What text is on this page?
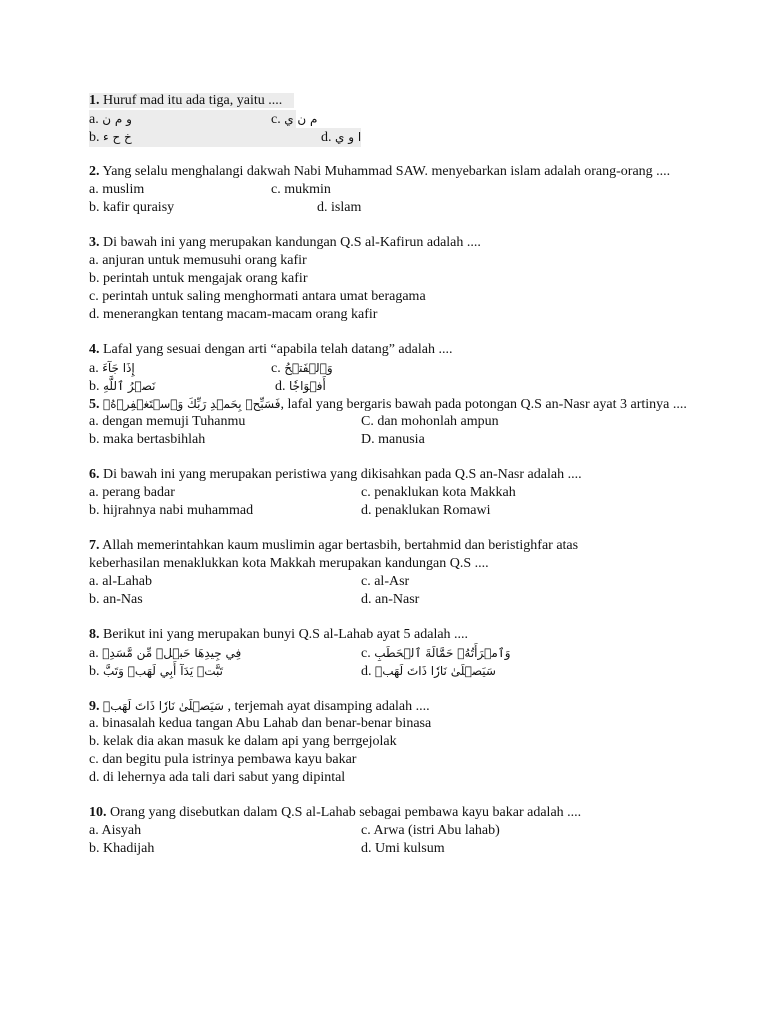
1. Huruf mad itu ada tiga, yaitu ....
a. و م ن	c. م ن ي
b. خ ح ء	d. ا و ي
2. Yang selalu menghalangi dakwah Nabi Muhammad SAW. menyebarkan islam adalah orang-orang ....
a. muslim	c. mukmin
b. kafir quraisy	d. islam
3. Di bawah ini yang merupakan kandungan Q.S al-Kafirun adalah ....
a. anjuran untuk memusuhi orang kafir
b. perintah untuk mengajak orang kafir
c. perintah untuk saling menghormati antara umat beragama
d. menerangkan tentang macam-macam orang kafir
4. Lafal yang sesuai dengan arti “apabila telah datang” adalah ....
a. إِذَا جَآءَ	c. وَٱلۡفَتۡحُ
b. نَصۡرُ ٱللَّهِ	d. أَفۡوَاجٗا
5. فَسَبِّحۡ بِحَمۡدِ رَبِّكَ وَٱسۡتَغۡفِرۡهُۚ, lafal yang bergaris bawah pada potongan Q.S an-Nasr ayat 3 artinya ....
a. dengan memuji Tuhanmu	C. dan mohonlah ampun
b. maka bertasbihlah	D. manusia
6. Di bawah ini yang merupakan peristiwa yang dikisahkan pada Q.S an-Nasr adalah ....
a. perang badar	c. penaklukan kota Makkah
b. hijrahnya nabi muhammad	d. penaklukan Romawi
7. Allah memerintahkan kaum muslimin agar bertasbih, bertahmid dan beristighfar atas keberhasilan menaklukkan kota Makkah merupakan kandungan Q.S ....
a. al-Lahab	c. al-Asr
b. an-Nas	d. an-Nasr
8. Berikut ini yang merupakan bunyi Q.S al-Lahab ayat 5 adalah ....
a. فِي جِيدِهَا حَبۡلٞ مِّن مَّسَدِۭ	c. وَٱمۡرَأَتُهُۥ حَمَّالَةَ ٱلۡحَطَبِ
b. تَبَّتۡ يَدَآ أَبِي لَهَبٖ وَتَبَّ	d. سَيَصۡلَىٰ نَارٗا ذَاتَ لَهَبٖ
9. سَيَصۡلَىٰ نَارٗا ذَاتَ لَهَبٖ , terjemah ayat disamping adalah ....
a. binasalah kedua tangan Abu Lahab dan benar-benar binasa
b. kelak dia akan masuk ke dalam api yang berrgejolak
c. dan begitu pula istrinya pembawa kayu bakar
d. di lehernya ada tali dari sabut yang dipintal
10. Orang yang disebutkan dalam Q.S al-Lahab sebagai pembawa kayu bakar adalah ....
a. Aisyah	c. Arwa (istri Abu lahab)
b. Khadijah	d. Umi kulsum
